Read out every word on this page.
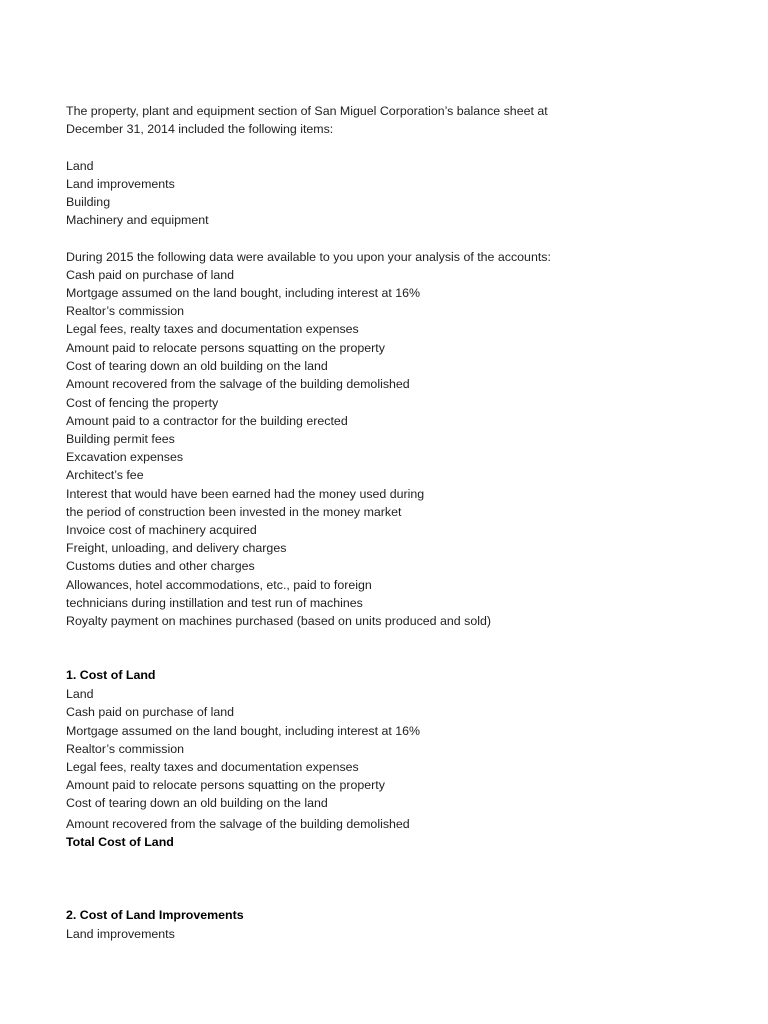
The property, plant and equipment section of San Miguel Corporation’s balance sheet at
December 31, 2014 included the following items:
Land
Land improvements
Building
Machinery and equipment
During 2015 the following data were available to you upon your analysis of the accounts:
Cash paid on purchase of land
Mortgage assumed on the land bought, including interest at 16%
Realtor’s commission
Legal fees, realty taxes and documentation expenses
Amount paid to relocate persons squatting on the property
Cost of tearing down an old building on the land
Amount recovered from the salvage of the building demolished
Cost of fencing the property
Amount paid to a contractor for the building erected
Building permit fees
Excavation expenses
Architect’s fee
Interest that would have been earned had the money used during
the period of construction been invested in the money market
Invoice cost of machinery acquired
Freight, unloading, and delivery charges
Customs duties and other charges
Allowances, hotel accommodations, etc., paid to foreign
technicians during instillation and test run of machines
Royalty payment on machines purchased (based on units produced and sold)
1. Cost of Land
Land
Cash paid on purchase of land
Mortgage assumed on the land bought, including interest at 16%
Realtor’s commission
Legal fees, realty taxes and documentation expenses
Amount paid to relocate persons squatting on the property
Cost of tearing down an old building on the land
Amount recovered from the salvage of the building demolished
Total Cost of Land
2. Cost of Land Improvements
Land improvements
